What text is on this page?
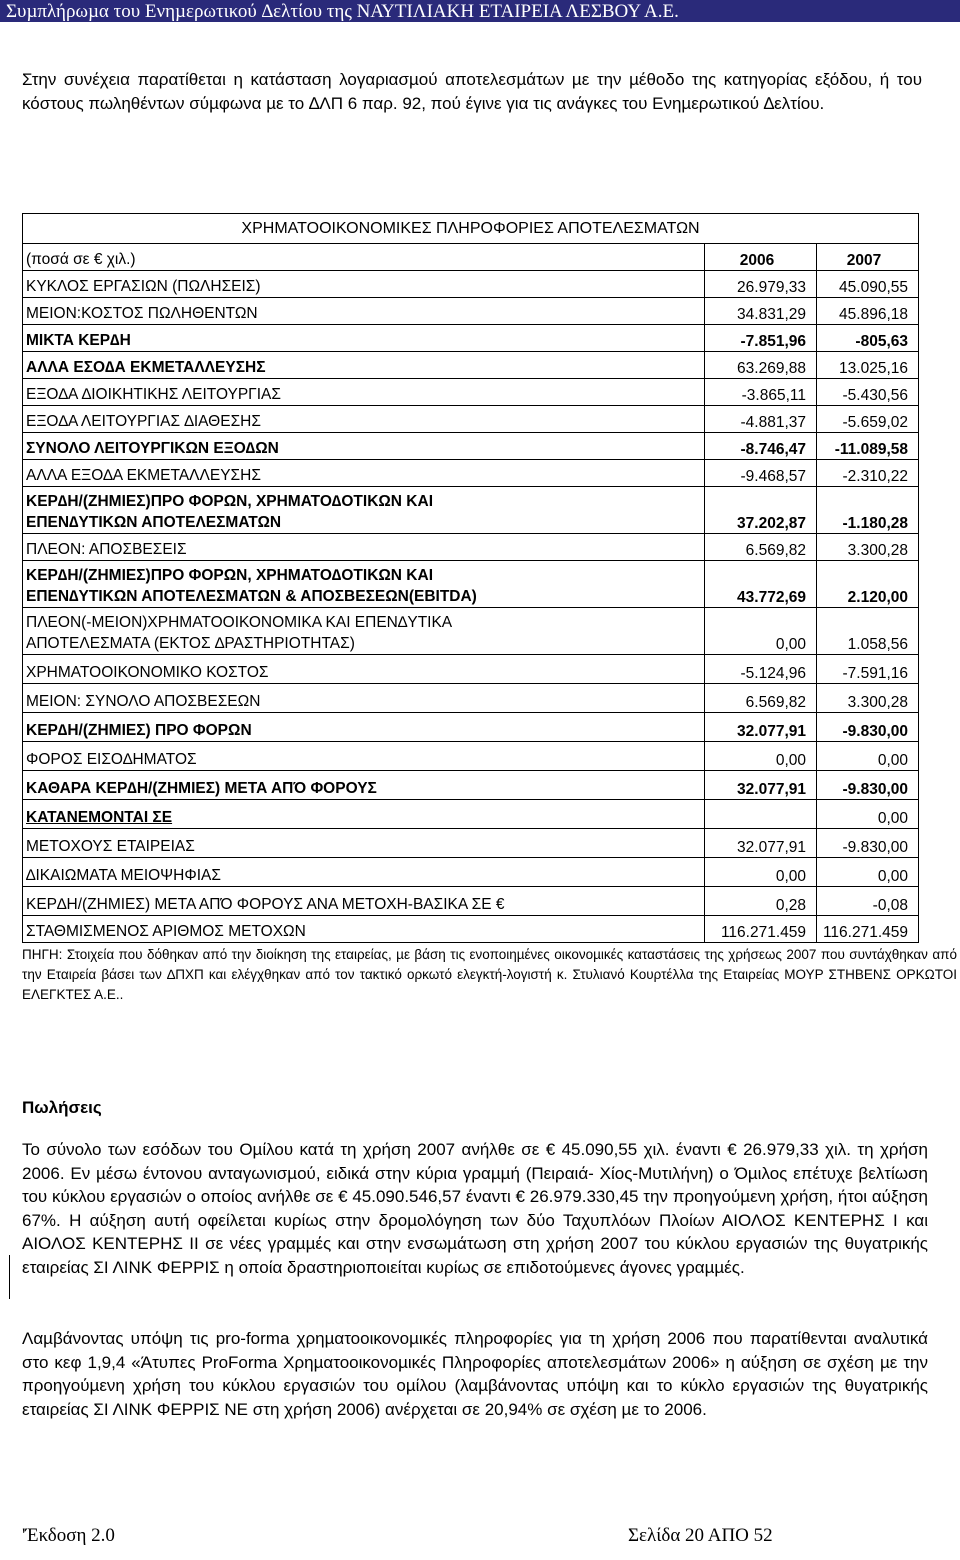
Συµπλήρωµα του Ενηµερωτικού ∆ελτίου της ΝΑΥΤΙΛΙΑΚΗ ΕΤΑΙΡΕΙΑ ΛΕΣΒΟΥ Α.Ε.
Στην συνέχεια παρατίθεται η κατάσταση λογαριασµού αποτελεσµάτων µε την µέθοδο της κατηγορίας εξόδου, ή του κόστους πωληθέντων σύµφωνα µε το ∆ΛΠ 6 παρ. 92, πού έγινε για τις ανάγκες του Ενηµερωτικού ∆ελτίου.
ΧΡΗΜΑΤΟΟΙΚΟΝΟΜΙΚΕΣ ΠΛΗΡΟΦΟΡΙΕΣ ΑΠΟΤΕΛΕΣΜΑΤΩΝ
(ποσά σε € χιλ.)	2006	2007
ΚΥΚΛΟΣ ΕΡΓΑΣΙΩΝ (ΠΩΛΗΣΕΙΣ)	26.979,33	45.090,55
ΜΕΙΟΝ:ΚΟΣΤΟΣ ΠΩΛΗΘΕΝΤΩΝ	34.831,29	45.896,18
ΜΙΚΤΑ ΚΕΡ∆Η	-7.851,96	-805,63
ΑΛΛΑ ΕΣΟ∆Α ΕΚΜΕΤΑΛΛΕΥΣΗΣ	63.269,88	13.025,16
ΕΞΟ∆Α ∆ΙΟΙΚΗΤΙΚΗΣ ΛΕΙΤΟΥΡΓΙΑΣ	-3.865,11	-5.430,56
ΕΞΟ∆Α ΛΕΙΤΟΥΡΓΙΑΣ ∆ΙΑΘΕΣΗΣ	-4.881,37	-5.659,02
ΣΥΝΟΛΟ ΛΕΙΤΟΥΡΓΙΚΩΝ ΕΞΟ∆ΩΝ	-8.746,47	-11.089,58
ΑΛΛΑ ΕΞΟ∆Α ΕΚΜΕΤΑΛΛΕΥΣΗΣ	-9.468,57	-2.310,22

ΚΕΡ∆Η/(ΖΗΜΙΕΣ)ΠΡΟ ΦΟΡΩΝ, ΧΡΗΜΑΤΟ∆ΟΤΙΚΩΝ ΚΑΙ
ΕΠΕΝ∆ΥΤΙΚΩΝ ΑΠΟΤΕΛΕΣΜΑΤΩΝ	37.202,87	-1.180,28
ΠΛΕΟΝ: ΑΠΟΣΒΕΣΕΙΣ	6.569,82	3.300,28

ΚΕΡ∆Η/(ΖΗΜΙΕΣ)ΠΡΟ ΦΟΡΩΝ, ΧΡΗΜΑΤΟ∆ΟΤΙΚΩΝ ΚΑΙ
ΕΠΕΝ∆ΥΤΙΚΩΝ ΑΠΟΤΕΛΕΣΜΑΤΩΝ & ΑΠΟΣΒΕΣΕΩΝ(EBITDA)	43.772,69	2.120,00

ΠΛΕΟΝ(-ΜΕΙΟΝ)ΧΡΗΜΑΤΟΟΙΚΟΝΟΜΙΚΑ ΚΑΙ ΕΠΕΝ∆ΥΤΙΚΑ
ΑΠΟΤΕΛΕΣΜΑΤΑ (ΕΚΤΟΣ ∆ΡΑΣΤΗΡΙΟΤΗΤΑΣ)	0,00	1.058,56
ΧΡΗΜΑΤΟΟΙΚΟΝΟΜΙΚΟ ΚΟΣΤΟΣ	-5.124,96	-7.591,16
ΜΕΙΟΝ: ΣΥΝΟΛΟ ΑΠΟΣΒΕΣΕΩΝ	6.569,82	3.300,28
ΚΕΡ∆Η/(ΖΗΜΙΕΣ) ΠΡΟ ΦΟΡΩΝ	32.077,91	-9.830,00
ΦΟΡΟΣ ΕΙΣΟ∆ΗΜΑΤΟΣ	0,00	0,00
ΚΑΘΑΡΑ ΚΕΡ∆Η/(ΖΗΜΙΕΣ) ΜΕΤΑ ΑΠΌ ΦΟΡΟΥΣ	32.077,91	-9.830,00
ΚΑΤΑΝΕΜΟΝΤΑΙ ΣΕ		0,00
ΜΕΤΟΧΟΥΣ ΕΤΑΙΡΕΙΑΣ	32.077,91	-9.830,00
∆ΙΚΑΙΩΜΑΤΑ ΜΕΙΟΨΗΦΙΑΣ	0,00	0,00
ΚΕΡ∆Η/(ΖΗΜΙΕΣ) ΜΕΤΑ ΑΠΌ ΦΟΡΟΥΣ ΑΝΑ ΜΕΤΟΧΗ-ΒΑΣΙΚΑ ΣΕ €	0,28	-0,08
ΣΤΑΘΜΙΣΜΕΝΟΣ ΑΡΙΘΜΟΣ ΜΕΤΟΧΩΝ	116.271.459	116.271.459
ΠΗΓΗ: Στοιχεία που δόθηκαν από την διοίκηση της εταιρείας, µε βάση τις ενοποιηµένες οικονοµικές καταστάσεις της χρήσεως 2007 που συντάχθηκαν από την Εταιρεία βάσει των ∆ΠΧΠ και ελέγχθηκαν από τον τακτικό ορκωτό ελεγκτή-λογιστή κ. Στυλιανό Κουρτέλλα της Εταιρείας ΜΟΥΡ ΣΤΗΒΕΝΣ ΟΡΚΩΤΟΙ ΕΛΕΓΚΤΕΣ Α.Ε..
Πωλήσεις
Το σύνολο των εσόδων του Οµίλου κατά τη χρήση 2007 ανήλθε σε € 45.090,55 χιλ. έναντι € 26.979,33 χιλ. τη χρήση 2006. Εν µέσω έντονου ανταγωνισµού, ειδικά στην κύρια γραµµή (Πειραιά- Χίος-Μυτιλήνη) ο Όµιλος επέτυχε βελτίωση του κύκλου εργασιών ο οποίος ανήλθε σε € 45.090.546,57 έναντι € 26.979.330,45 την προηγούµενη χρήση, ήτοι αύξηση 67%. Η αύξηση αυτή οφείλεται κυρίως στην δροµολόγηση των δύο Ταχυπλόων Πλοίων ΑΙΟΛΟΣ ΚΕΝΤΕΡΗΣ Ι και ΑΙΟΛΟΣ ΚΕΝΤΕΡΗΣ ΙΙ σε νέες γραµµές και στην ενσωµάτωση στη χρήση 2007 του κύκλου εργασιών της θυγατρικής εταιρείας ΣΙ ΛΙΝΚ ΦΕΡΡΙΣ η οποία δραστηριοποιείται κυρίως σε επιδοτούµενες άγονες γραµµές.
Λαµβάνοντας υπόψη τις pro-forma χρηµατοοικονοµικές πληροφορίες για τη χρήση 2006 που παρατίθενται αναλυτικά στο κεφ 1,9,4 «Άτυπες ProForma Χρηµατοοικονοµικές Πληροφορίες αποτελεσµάτων 2006» η αύξηση σε σχέση µε την προηγούµενη χρήση του κύκλου εργασιών του οµίλου (λαµβάνοντας υπόψη και το κύκλο εργασιών της θυγατρικής εταιρείας ΣΙ ΛΙΝΚ ΦΕΡΡΙΣ ΝΕ στη χρήση 2006) ανέρχεται σε 20,94% σε σχέση µε το 2006.
'Έκδοση 2.0	Σελίδα 20 ΑΠΟ 52
